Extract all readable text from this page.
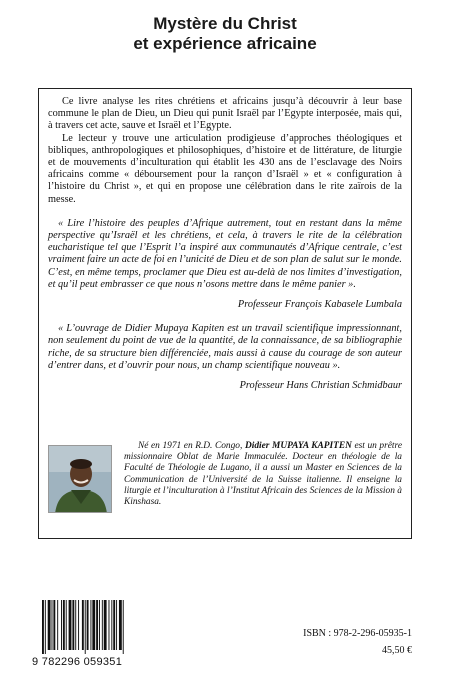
Mystère du Christ
et expérience africaine

Ce livre analyse les rites chrétiens et africains jusqu’à découvrir à leur base commune le plan de Dieu, un Dieu qui punit Israël par l’Egypte interposée, mais qui, à travers cet acte, sauve et Israël et l’Egypte.

Le lecteur y trouve une articulation prodigieuse d’approches théologiques et bibliques, anthropologiques et philosophiques, d’histoire et de littérature, de liturgie et de mouvements d’inculturation qui établit les 430 ans de l’esclavage des Noirs africains comme « déboursement pour la rançon d’Israël » et « configuration à l’histoire du Christ », et qui en propose une célébration dans le rite zaïrois de la messe.

« Lire l’histoire des peuples d’Afrique autrement, tout en restant dans la même perspective qu’Israël et les chrétiens, et cela, à travers le rite de la célébration eucharistique tel que l’Esprit l’a inspiré aux communautés d’Afrique centrale, c’est vraiment faire un acte de foi en l’unicité de Dieu et de son plan de salut sur le monde. C’est, en même temps, proclamer que Dieu est au-delà de nos limites d’investigation, et qu’il peut embrasser ce que nous n’osons mettre dans le même panier ».

Professeur François Kabasele Lumbala

« L’ouvrage de Didier Mupaya Kapiten est un travail scientifique impressionnant, non seulement du point de vue de la quantité, de la connaissance, de sa bibliographie riche, de sa structure bien différenciée, mais aussi à cause du courage de son auteur d’entrer dans, et d’ouvrir pour nous, un champ scientifique nouveau ».

Professeur Hans Christian Schmidbaur

Né en 1971 en R.D. Congo, Didier MUPAYA KAPITEN est un prêtre missionnaire Oblat de Marie Immaculée. Docteur en théologie de la Faculté de Théologie de Lugano, il a aussi un Master en Sciences de la Communication de l’Université de la Suisse italienne. Il enseigne la liturgie et l’inculturation à l’Institut Africain des Sciences de la Mission à Kinshasa.

9 782296 059351
ISBN : 978-2-296-05935-1
45,50 €
